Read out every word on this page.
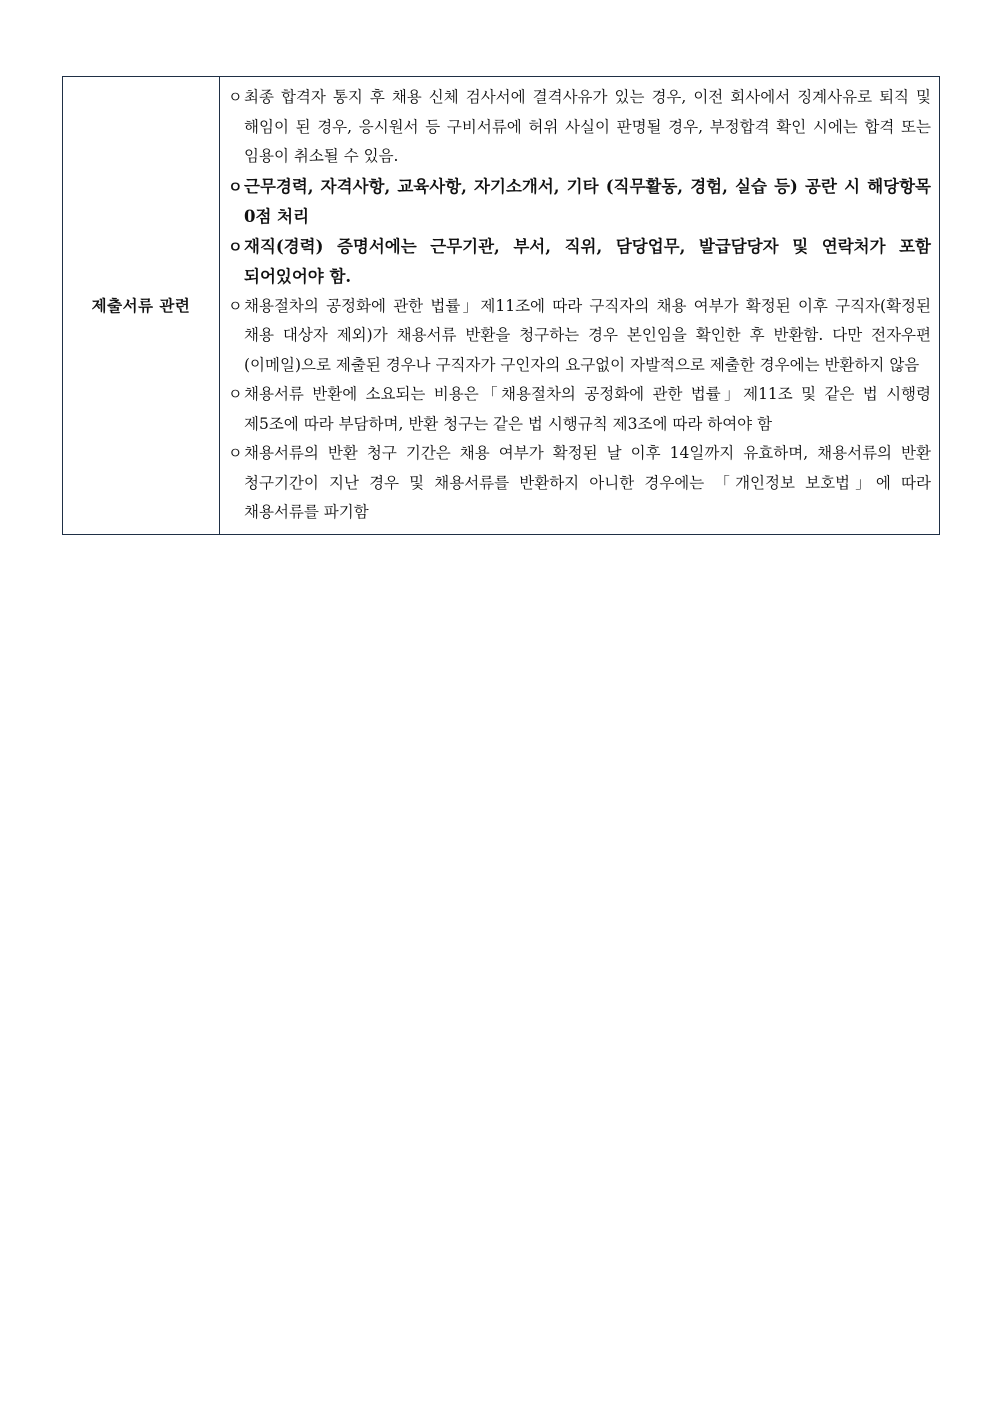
제출서류 관련	
ㅇ 최종 합격자 통지 후 채용 신체 검사서에 결격사유가 있는 경우, 이전 회사에서 징계사유로 퇴직 및 해임이 된 경우, 응시원서 등 구비서류에 허위 사실이 판명될 경우, 부정합격 확인 시에는 합격 또는 임용이 취소될 수 있음.
ㅇ 근무경력, 자격사항, 교육사항, 자기소개서, 기타 (직무활동, 경험, 실습 등) 공란 시 해당항목 0점 처리
ㅇ 재직(경력) 증명서에는 근무기관, 부서, 직위, 담당업무, 발급담당자 및 연락처가 포함 되어있어야 함.
ㅇ 채용절차의 공정화에 관한 법률」제11조에 따라 구직자의 채용 여부가 확정된 이후 구직자(확정된 채용 대상자 제외)가 채용서류 반환을 청구하는 경우 본인임을 확인한 후 반환함. 다만 전자우편(이메일)으로 제출된 경우나 구직자가 구인자의 요구없이 자발적으로 제출한 경우에는 반환하지 않음
ㅇ 채용서류 반환에 소요되는 비용은「채용절차의 공정화에 관한 법률」제11조 및 같은 법 시행령 제5조에 따라 부담하며, 반환 청구는 같은 법 시행규칙 제3조에 따라 하여야 함
ㅇ 채용서류의 반환 청구 기간은 채용 여부가 확정된 날 이후 14일까지 유효하며, 채용서류의 반환 청구기간이 지난 경우 및 채용서류를 반환하지 아니한 경우에는 「개인정보 보호법」에 따라 채용서류를 파기함
